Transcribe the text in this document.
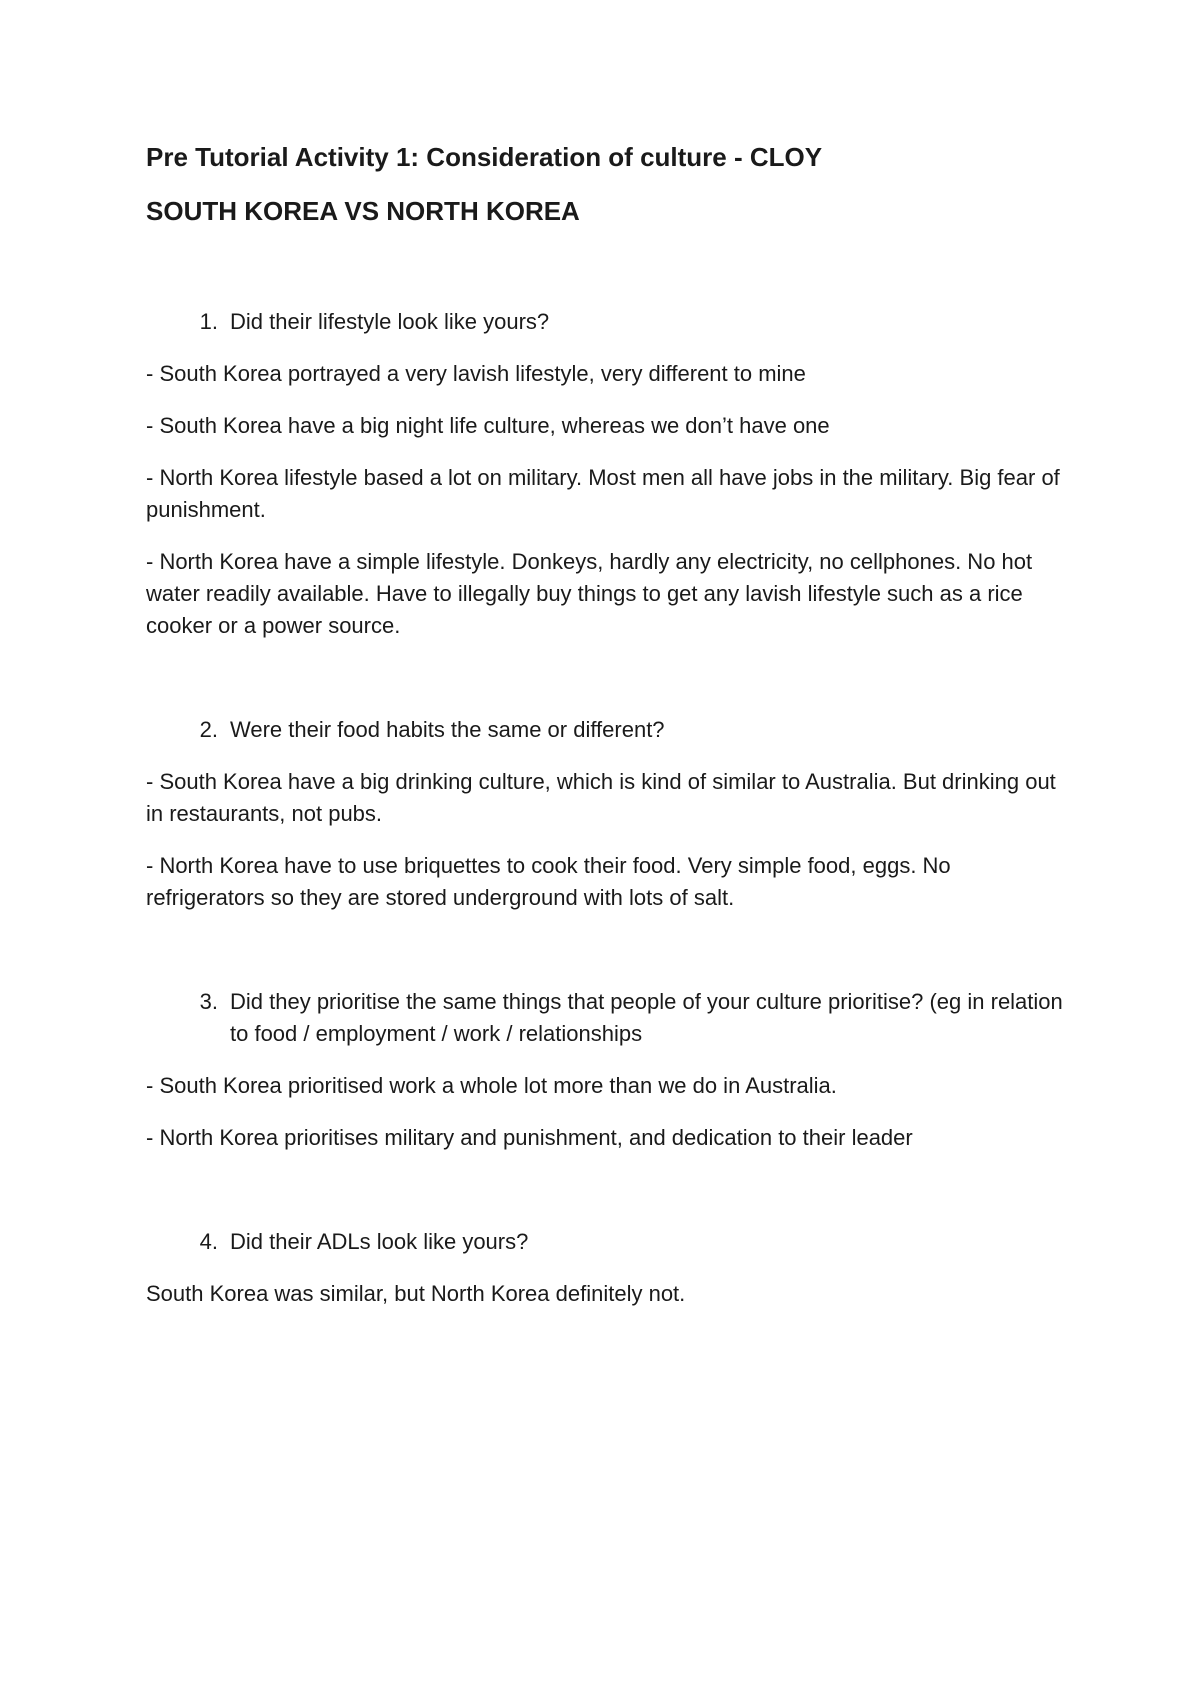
Pre Tutorial Activity 1: Consideration of culture - CLOY
SOUTH KOREA VS NORTH KOREA
1. Did their lifestyle look like yours?
- South Korea portrayed a very lavish lifestyle, very different to mine
- South Korea have a big night life culture, whereas we don’t have one
- North Korea lifestyle based a lot on military. Most men all have jobs in the military. Big fear of punishment.
- North Korea have a simple lifestyle. Donkeys, hardly any electricity, no cellphones. No hot water readily available. Have to illegally buy things to get any lavish lifestyle such as a rice cooker or a power source.
2. Were their food habits the same or different?
- South Korea have a big drinking culture, which is kind of similar to Australia. But drinking out in restaurants, not pubs.
- North Korea have to use briquettes to cook their food. Very simple food, eggs. No refrigerators so they are stored underground with lots of salt.
3. Did they prioritise the same things that people of your culture prioritise? (eg in relation to food / employment / work / relationships
- South Korea prioritised work a whole lot more than we do in Australia.
- North Korea prioritises military and punishment, and dedication to their leader
4. Did their ADLs look like yours?
South Korea was similar, but North Korea definitely not.
